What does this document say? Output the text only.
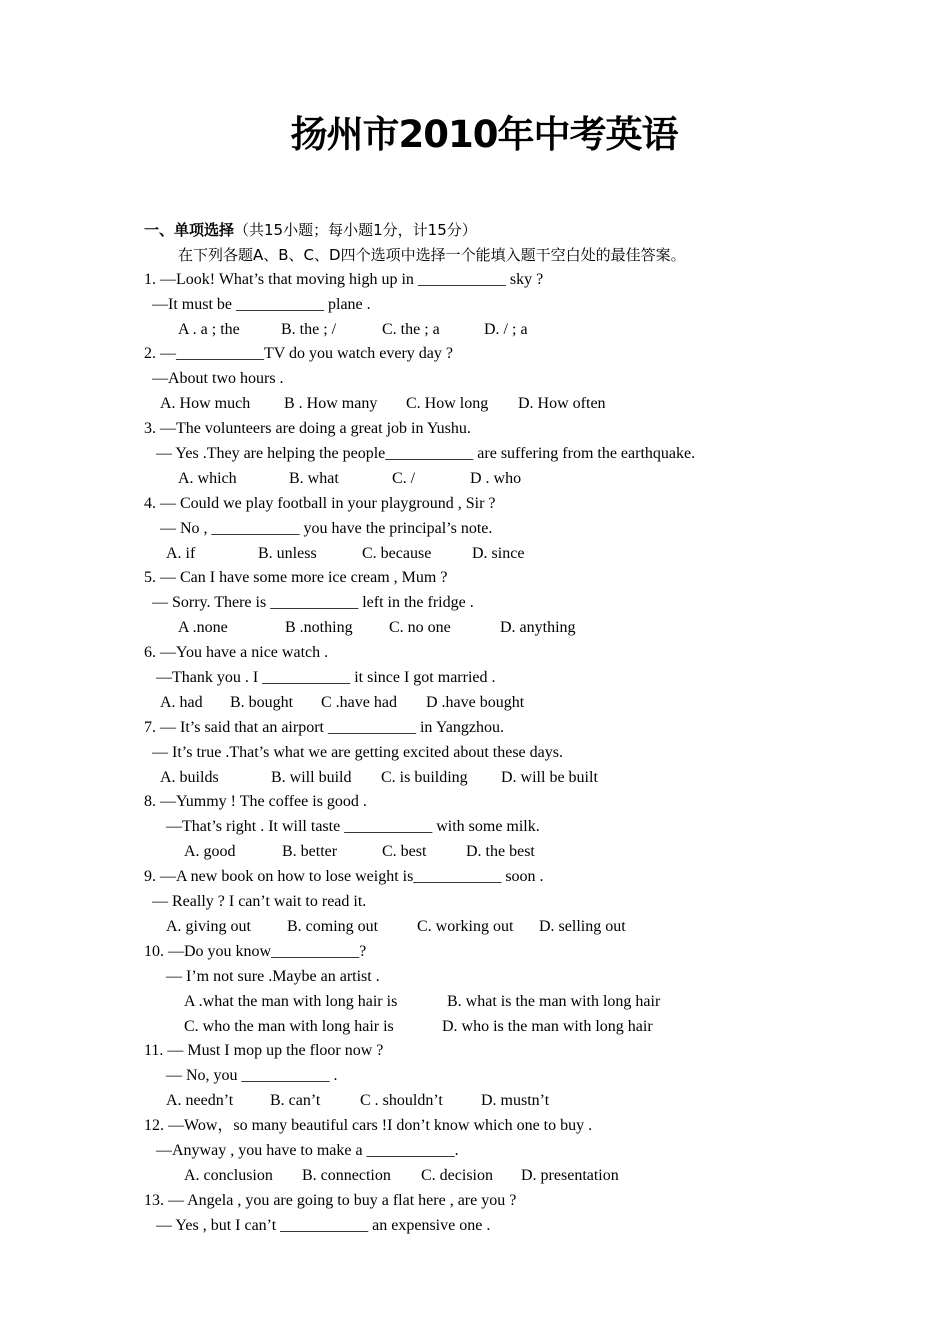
扬州市2010年中考英语
一、单项选择（共15小题；每小题1分，计15分）
在下列各题A、B、C、D四个选项中选择一个能填入题干空白处的最佳答案。
1. —Look! What’s that moving high up in ___________ sky ?
—It must be ___________ plane .
A . a ; the	B. the ; /	C. the ; a	D. / ; a
2. —___________TV do you watch every day ?
—About two hours .
A. How much B . How many C. How long D. How often
3. —The volunteers are doing a great job in Yushu.
— Yes .They are helping the people___________ are suffering from the earthquake.
A. which	B. what	C. /	D . who
4. — Could we play football in your playground , Sir ?
— No , ___________ you have the principal’s note.
A. if	B. unless	C. because	D. since
5. — Can I have some more ice cream , Mum ?
— Sorry. There is ___________ left in the fridge .
A .none	B .nothing C. no one	D. anything
6. —You have a nice watch .
—Thank you . I ___________ it since I got married .
A. had B. bought C .have had D .have bought
7. — It’s said that an airport ___________ in Yangzhou.
— It’s true .That’s what we are getting excited about these days.
A. builds	B. will build C. is building D. will be built
8. —Yummy ! The coffee is good .
—That’s right . It will taste ___________ with some milk.
A. good	B. better	C. best D. the best
9. —A new book on how to lose weight is___________ soon .
— Really ? I can’t wait to read it.
A. giving out B. coming out C. working out D. selling out
10. —Do you know___________?
— I’m not sure .Maybe an artist .
A .what the man with long hair is	B. what is the man with long hair
C. who the man with long hair is	D. who is the man with long hair
11. — Must I mop up the floor now ?
— No, you ___________ .
A. needn’t B. can’t C . shouldn’t D. mustn’t
12. —Wow，so many beautiful cars !I don’t know which one to buy .
—Anyway , you have to make a ___________.
A. conclusion B. connection C. decision D. presentation
13. — Angela , you are going to buy a flat here , are you ?
— Yes , but I can’t ___________ an expensive one .
